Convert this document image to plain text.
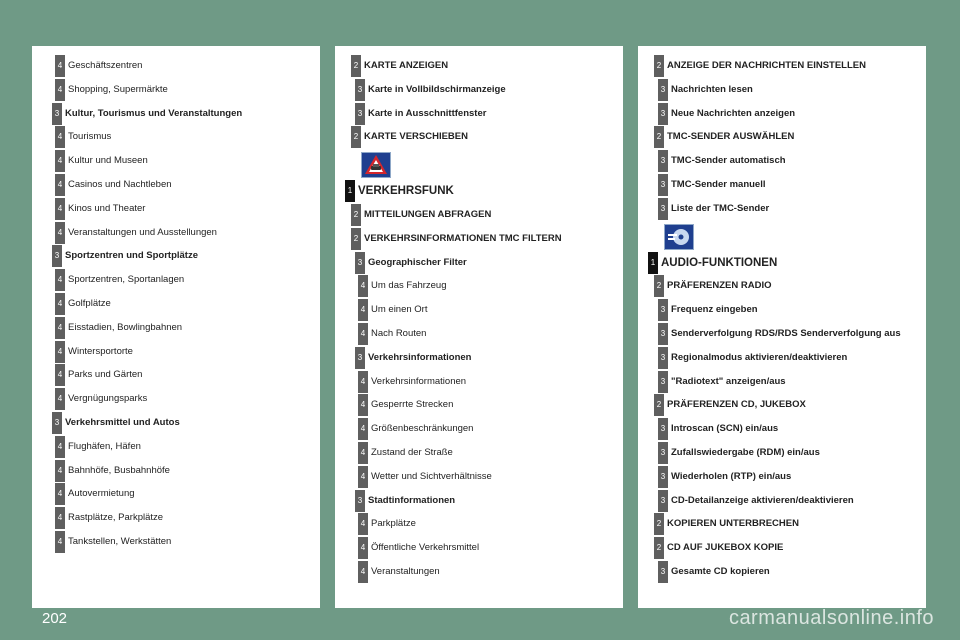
4 Geschäftszentren
4 Shopping, Supermärkte
3 Kultur, Tourismus und Veranstaltungen
4 Tourismus
4 Kultur und Museen
4 Casinos und Nachtleben
4 Kinos und Theater
4 Veranstaltungen und Ausstellungen
3 Sportzentren und Sportplätze
4 Sportzentren, Sportanlagen
4 Golfplätze
4 Eisstadien, Bowlingbahnen
4 Wintersportorte
4 Parks und Gärten
4 Vergnügungsparks
3 Verkehrsmittel und Autos
4 Flughäfen, Häfen
4 Bahnhöfe, Busbahnhöfe
4 Autovermietung
4 Rastplätze, Parkplätze
4 Tankstellen, Werkstätten
2 KARTE ANZEIGEN
3 Karte in Vollbildschirmanzeige
3 Karte in Ausschnittfenster
2 KARTE VERSCHIEBEN
1 VERKEHRSFUNK
2 MITTEILUNGEN ABFRAGEN
2 VERKEHRSINFORMATIONEN TMC FILTERN
3 Geographischer Filter
4 Um das Fahrzeug
4 Um einen Ort
4 Nach Routen
3 Verkehrsinformationen
4 Verkehrsinformationen
4 Gesperrte Strecken
4 Größenbeschränkungen
4 Zustand der Straße
4 Wetter und Sichtverhältnisse
3 Stadtinformationen
4 Parkplätze
4 Öffentliche Verkehrsmittel
4 Veranstaltungen
2 ANZEIGE DER NACHRICHTEN EINSTELLEN
3 Nachrichten lesen
3 Neue Nachrichten anzeigen
2 TMC-SENDER AUSWÄHLEN
3 TMC-Sender automatisch
3 TMC-Sender manuell
3 Liste der TMC-Sender
1 AUDIO-FUNKTIONEN
2 PRÄFERENZEN RADIO
3 Frequenz eingeben
3 Senderverfolgung RDS/RDS Senderverfolgung aus
3 Regionalmodus aktivieren/deaktivieren
3 "Radiotext" anzeigen/aus
2 PRÄFERENZEN CD, JUKEBOX
3 Introscan (SCN) ein/aus
3 Zufallswiedergabe (RDM) ein/aus
3 Wiederholen (RTP) ein/aus
3 CD-Detailanzeige aktivieren/deaktivieren
2 KOPIEREN UNTERBRECHEN
2 CD AUF JUKEBOX KOPIE
3 Gesamte CD kopieren
202	carmanualsonline.info
